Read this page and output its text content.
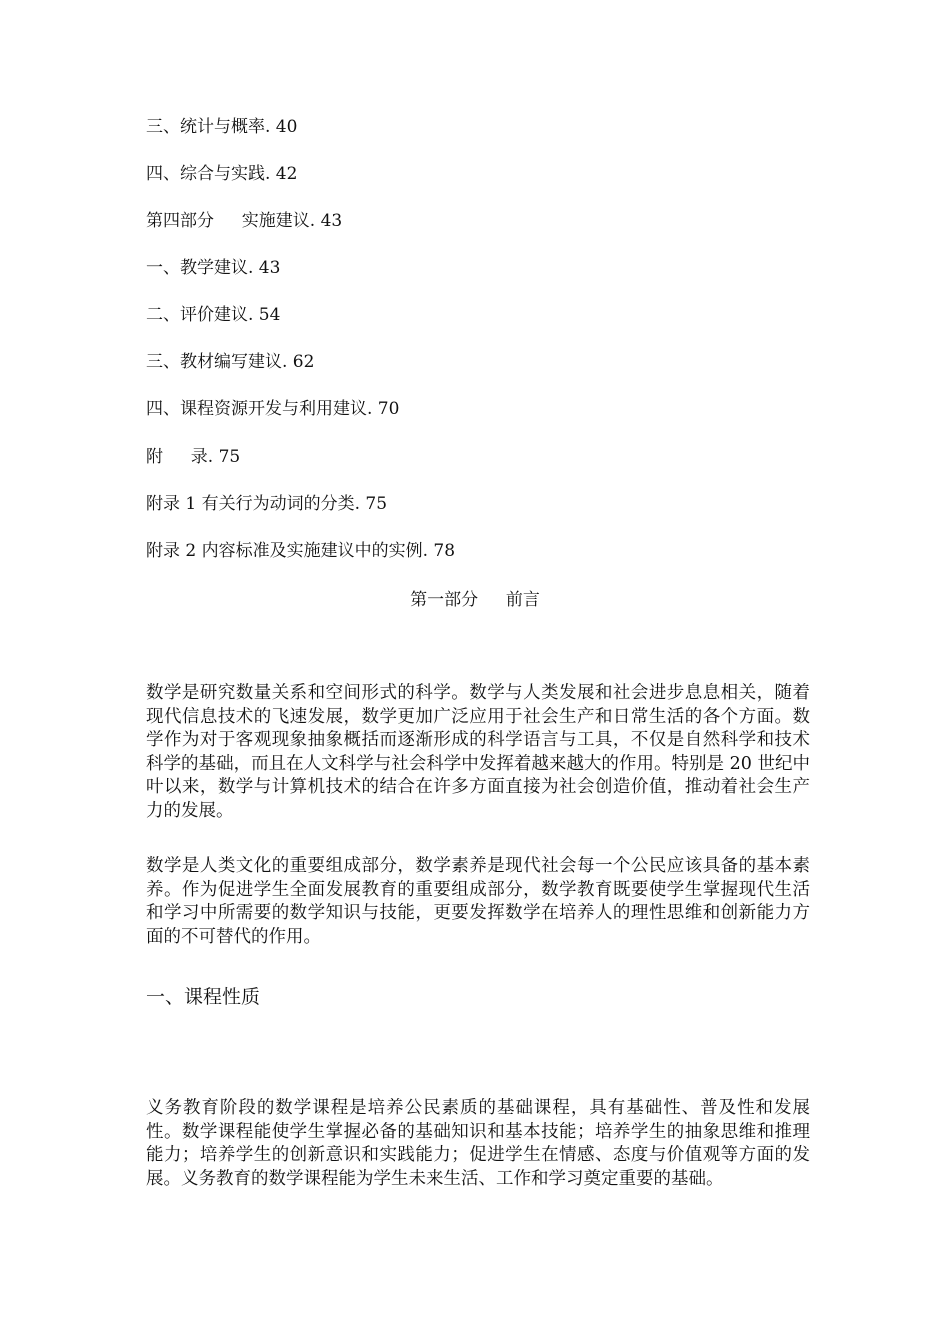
三、统计与概率. 40
四、综合与实践. 42
第四部分 　 实施建议. 43
一、教学建议. 43
二、评价建议. 54
三、教材编写建议. 62
四、课程资源开发与利用建议. 70
附 　 录. 75
附录 1 有关行为动词的分类. 75
附录 2 内容标准及实施建议中的实例. 78
第一部分 　 前言

数学是研究数量关系和空间形式的科学。数学与人类发展和社会进步息息相关，随着现代信息技术的飞速发展，数学更加广泛应用于社会生产和日常生活的各个方面。数学作为对于客观现象抽象概括而逐渐形成的科学语言与工具，不仅是自然科学和技术科学的基础，而且在人文科学与社会科学中发挥着越来越大的作用。特别是 20 世纪中叶以来，数学与计算机技术的结合在许多方面直接为社会创造价值，推动着社会生产力的发展。

数学是人类文化的重要组成部分，数学素养是现代社会每一个公民应该具备的基本素养。作为促进学生全面发展教育的重要组成部分，数学教育既要使学生掌握现代生活和学习中所需要的数学知识与技能，更要发挥数学在培养人的理性思维和创新能力方面的不可替代的作用。

一、课程性质

义务教育阶段的数学课程是培养公民素质的基础课程，具有基础性、普及性和发展性。数学课程能使学生掌握必备的基础知识和基本技能；培养学生的抽象思维和推理能力；培养学生的创新意识和实践能力；促进学生在情感、态度与价值观等方面的发展。义务教育的数学课程能为学生未来生活、工作和学习奠定重要的基础。
